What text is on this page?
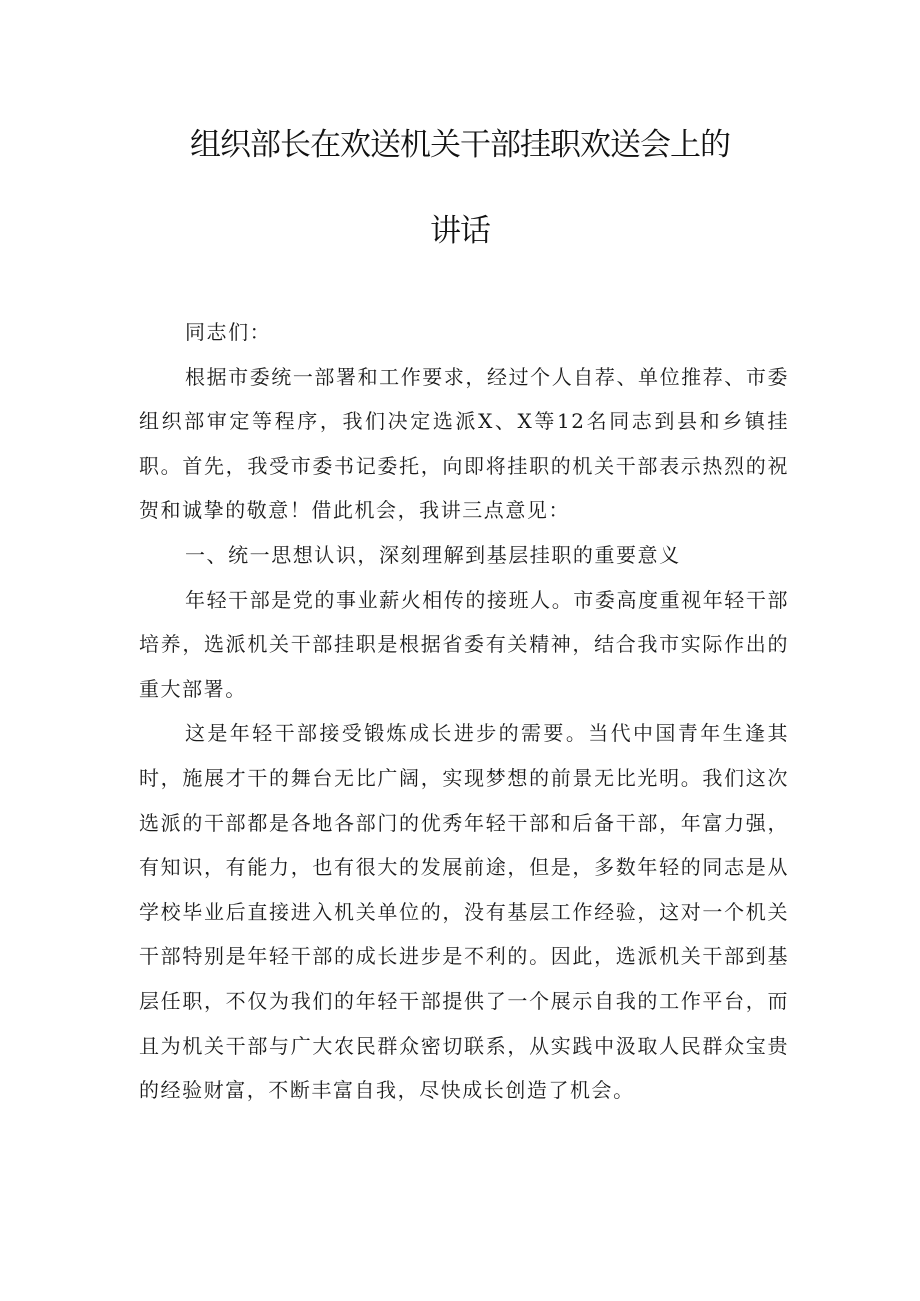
组织部长在欢送机关干部挂职欢送会上的
讲话

同志们：

根据市委统一部署和工作要求，经过个人自荐、单位推荐、市委组织部审定等程序，我们决定选派X、X等12名同志到县和乡镇挂职。首先，我受市委书记委托，向即将挂职的机关干部表示热烈的祝贺和诚挚的敬意！借此机会，我讲三点意见：

一、统一思想认识，深刻理解到基层挂职的重要意义

年轻干部是党的事业薪火相传的接班人。市委高度重视年轻干部培养，选派机关干部挂职是根据省委有关精神，结合我市实际作出的重大部署。

这是年轻干部接受锻炼成长进步的需要。当代中国青年生逢其时，施展才干的舞台无比广阔，实现梦想的前景无比光明。我们这次选派的干部都是各地各部门的优秀年轻干部和后备干部，年富力强，有知识，有能力，也有很大的发展前途，但是，多数年轻的同志是从学校毕业后直接进入机关单位的，没有基层工作经验，这对一个机关干部特别是年轻干部的成长进步是不利的。因此，选派机关干部到基层任职，不仅为我们的年轻干部提供了一个展示自我的工作平台，而且为机关干部与广大农民群众密切联系，从实践中汲取人民群众宝贵的经验财富，不断丰富自我，尽快成长创造了机会。
